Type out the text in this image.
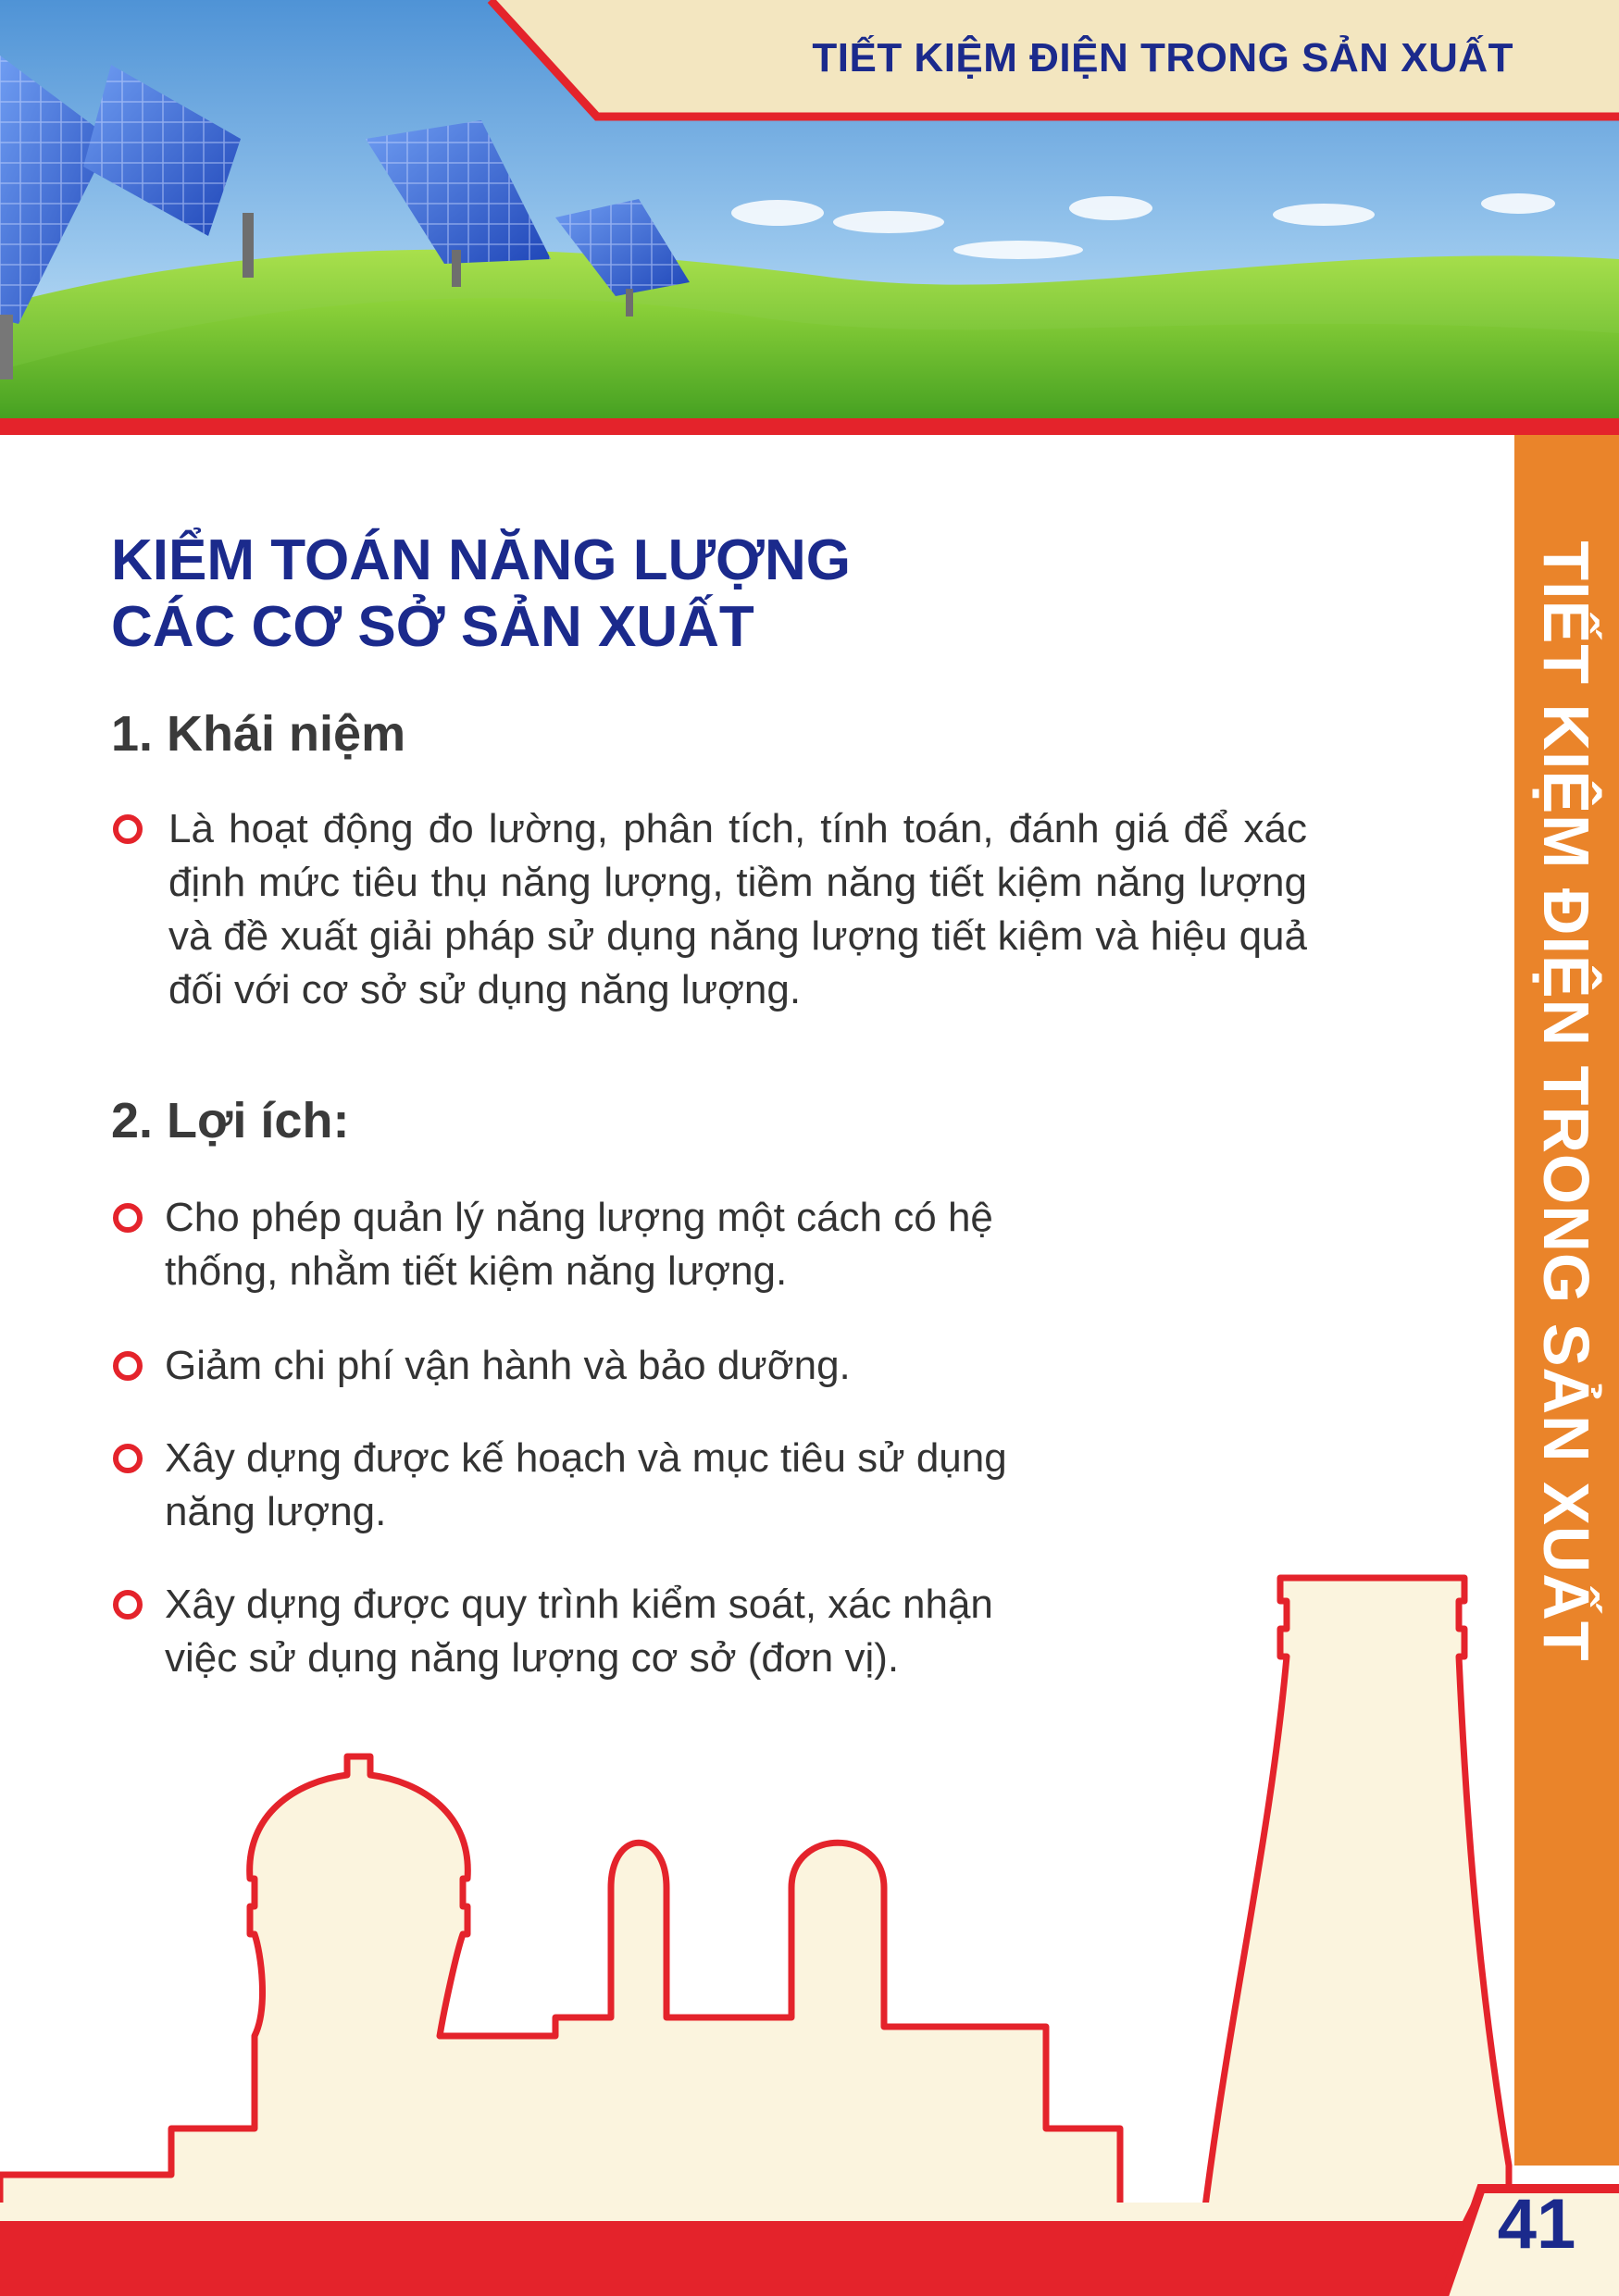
TIẾT KIỆM ĐIỆN TRONG SẢN XUẤT
TIẾT KIỆM ĐIỆN TRONG SẢN XUẤT
KIỂM TOÁN NĂNG LƯỢNG
CÁC CƠ SỞ SẢN XUẤT
1. Khái niệm
Là hoạt động đo lường, phân tích, tính toán, đánh giá để xác định mức tiêu thụ năng lượng, tiềm năng tiết kiệm năng lượng và đề xuất giải pháp sử dụng năng lượng tiết kiệm và hiệu quả đối với cơ sở sử dụng năng lượng.
2. Lợi ích:
Cho phép quản lý năng lượng một cách có hệ
thống, nhằm tiết kiệm năng lượng.
Giảm chi phí vận hành và bảo dưỡng.
Xây dựng được kế hoạch và mục tiêu sử dụng
năng lượng.
Xây dựng được quy trình kiểm soát, xác nhận
việc sử dụng năng lượng cơ sở (đơn vị).
41
